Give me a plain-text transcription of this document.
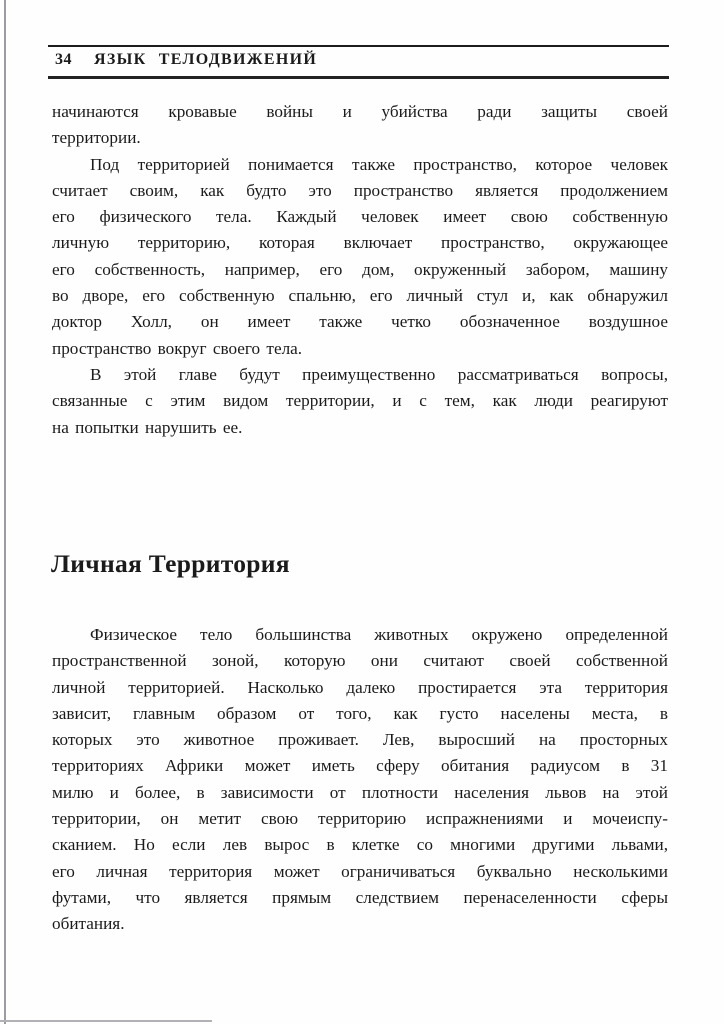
34 ЯЗЫК ТЕЛОДВИЖЕНИЙ
начинаются кровавые войны и убийства ради защиты своей
территории.
Под территорией понимается также пространство, которое человек
считает своим, как будто это пространство является продолжением
его физического тела. Каждый человек имеет свою собственную
личную территорию, которая включает пространство, окружающее
его собственность, например, его дом, окруженный забором, машину
во дворе, его собственную спальню, его личный стул и, как обнаружил
доктор Холл, он имеет также четко обозначенное воздушное
пространство вокруг своего тела.
В этой главе будут преимущественно рассматриваться вопросы,
связанные с этим видом территории, и с тем, как люди реагируют
на попытки нарушить ее.
Личная Территория
Физическое тело большинства животных окружено определенной
пространственной зоной, которую они считают своей собственной
личной территорией. Насколько далеко простирается эта территория
зависит, главным образом от того, как густо населены места, в
которых это животное проживает. Лев, выросший на просторных
территориях Африки может иметь сферу обитания радиусом в 31
милю и более, в зависимости от плотности населения львов на этой
территории, он метит свою территорию испражнениями и мочеиспу-
сканием. Но если лев вырос в клетке со многими другими львами,
его личная территория может ограничиваться буквально несколькими
футами, что является прямым следствием перенаселенности сферы
обитания.
